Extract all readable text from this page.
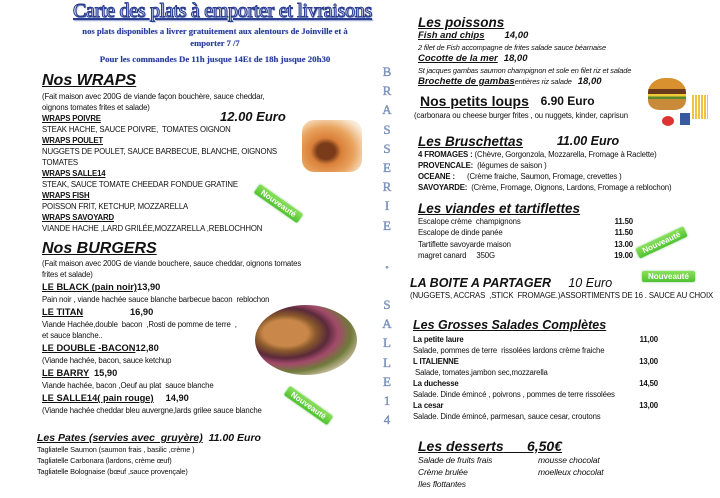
Carte des plats à emporter et livraisons
nos plats disponibles a livrer gratuitement aux alentours de Joinville et à
emporter 7 /7
Pour les commandes De 11h jusque 14Et de 18h jusque 20h30
B
R
A
S
S
E
R
I
E
◦
S
A
L
L
E
1
4
Nouveauté
Nouveauté
Nouveauté
Nouveauté
Nos WRAPS
12.00 Euro
(Fait maison avec 200G de viande façon bouchère, sauce cheddar,
oignons tomates frites et salade)
WRAPS POIVRE
STEAK HACHE, SAUCE POIVRE,  TOMATES OIGNON
WRAPS POULET
NUGGETS DE POULET, SAUCE BARBECUE, BLANCHE, OIGNONS
TOMATES
WRAPS SALLE14
STEAK, SAUCE TOMATE CHEEDAR FONDUE GRATINE
WRAPS FISH
POISSON FRIT, KETCHUP, MOZZARELLA
WRAPS SAVOYARD
VIANDE HACHE ,LARD GRILÉE,MOZZARELLA ,REBLOCHHON
Nos BURGERS
(Fait maison avec 200G de viande bouchere, sauce cheddar, oignons tomates
frites et salade)
LE BLACK (pain noir) 13,90
Pain noir , viande hachée sauce blanche barbecue bacon  reblochon
LE TITAN	16,90
Viande Hachée,double  bacon  ,Rosti de pomme de terre  ,
et sauce blanche..
LE DOUBLE -BACON 12,80
(Viande hachée, bacon, sauce ketchup
LE BARRY 15,90
Viande hachée, bacon ,Oeuf au plat  sauce blanche
LE SALLE14( pain rouge) 14,90
(Viande hachée cheddar bleu auvergne,lards grilee sauce blanche
Les Pates (servies avec  gruyère)
11.00 Euro
Tagliatelle Saumon (saumon frais , basilic ,crème )
Tagliatelle Carbonara (lardons, crème œuf)
Tagliatelle Bolognaise (bœuf ,sauce provençale)
Les poissons
Fish and chips 14,00
2 filet de Fish accompagne de frites salade sauce béarnaise
Cocotte de la mer 18,00
St jacques gambas saumon champignon et sole en filet riz et salade
Brochette de gambas entières riz salade 18,00
Nos petits loups
6.90 Euro
(carbonara ou cheese burger frites , ou nuggets, kinder, caprisun
Les Bruschettas
	11.00 Euro
4 FROMAGES : (Chèvre, Gorgonzola, Mozzarella, Fromage à Raclette)
PROVENCALE: (légumes de saison )
OCEANE : (Crème fraiche, Saumon, Fromage, crevettes )
SAVOYARDE: (Crème, Fromage, Oignons, Lardons, Fromage a reblochon)
Les viandes et tartiflettes
Escalope crème  champignons	11.50
Escalope de dinde panée	11.50
Tartiflette savoyarde maison	13.00
magret canard     350G	19.00
LA BOITE A PARTAGER
10 Euro
(NUGGETS, ACCRAS  ,STICK  FROMAGE.)ASSORTIMENTS DE 16 . SAUCE AU CHOIX
Les Grosses Salades Complètes
La petite laure	11,00
Salade, pommes de terre  rissolées lardons crème fraiche
L ITALIENNE	13,00
Salade, tomates.jambon sec,mozzarella
La duchesse	14,50
Salade. Dinde émincé , poivrons , pommes de terre rissolées
La cesar	13,00
Salade. Dinde émincé, parmesan, sauce cesar, croutons
Les desserts
6,50€
Salade de fruits frais	mousse chocolat
Crème brulée	moelleux chocolat
Iles flottantes
